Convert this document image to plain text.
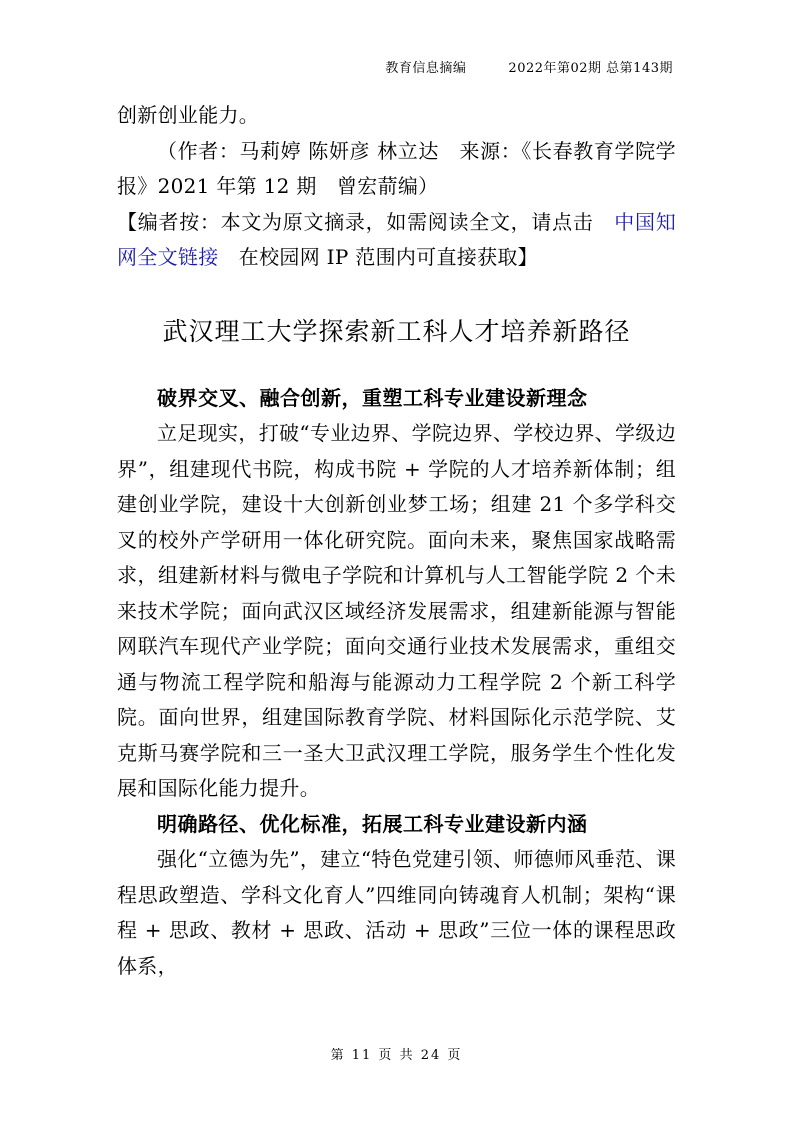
教育信息摘编	2022年第02期 总第143期

创新创业能力。

（作者：马莉婷 陈妍彦 林立达　来源：《长春教育学院学报》2021 年第 12 期　曾宏葥编）

【编者按：本文为原文摘录，如需阅读全文，请点击　中国知网全文链接　在校园网 IP 范围内可直接获取】

武汉理工大学探索新工科人才培养新路径

破界交叉、融合创新，重塑工科专业建设新理念

立足现实，打破“专业边界、学院边界、学校边界、学级边界”，组建现代书院，构成书院 + 学院的人才培养新体制；组建创业学院，建设十大创新创业梦工场；组建 21 个多学科交叉的校外产学研用一体化研究院。面向未来，聚焦国家战略需求，组建新材料与微电子学院和计算机与人工智能学院 2 个未来技术学院；面向武汉区域经济发展需求，组建新能源与智能网联汽车现代产业学院；面向交通行业技术发展需求，重组交通与物流工程学院和船海与能源动力工程学院 2 个新工科学院。面向世界，组建国际教育学院、材料国际化示范学院、艾克斯马赛学院和三一圣大卫武汉理工学院，服务学生个性化发展和国际化能力提升。

明确路径、优化标准，拓展工科专业建设新内涵

强化“立德为先”，建立“特色党建引领、师德师风垂范、课程思政塑造、学科文化育人”四维同向铸魂育人机制；架构“课程 + 思政、教材 + 思政、活动 + 思政”三位一体的课程思政体系，

第 11 页 共 24 页
